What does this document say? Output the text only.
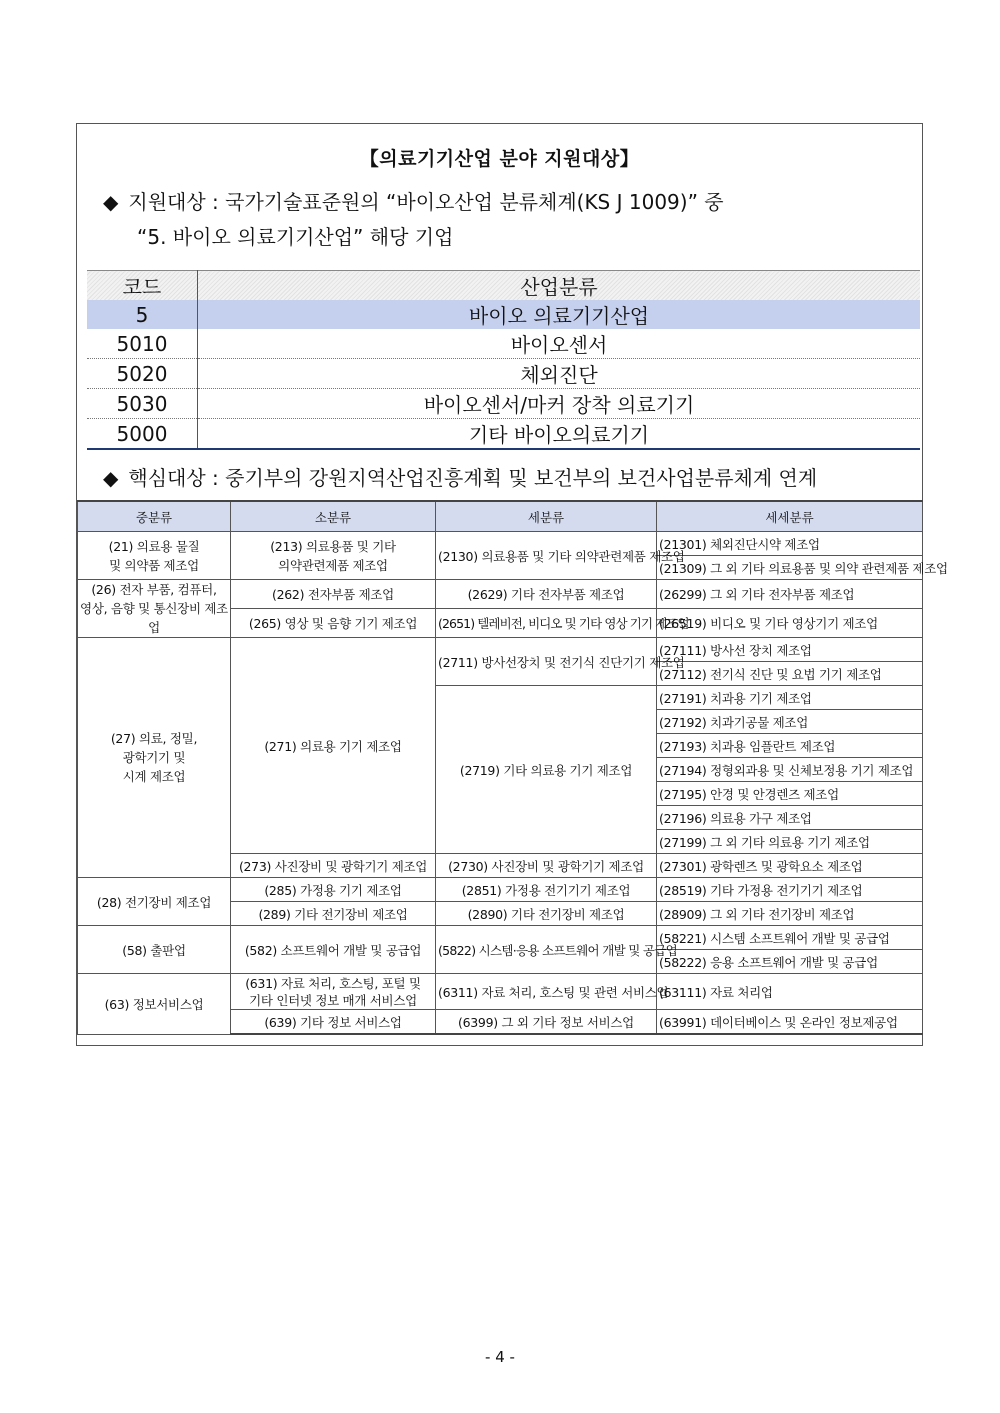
【의료기기산업 분야 지원대상】
◆ 지원대상 : 국가기술표준원의 “바이오산업 분류체계(KS J 1009)” 중
“5. 바이오 의료기기산업” 해당 기업
코드	산업분류
5	바이오 의료기기산업
5010	바이오센서
5020	체외진단
5030	바이오센서/마커 장착 의료기기
5000	기타 바이오의료기기
◆ 핵심대상 : 중기부의 강원지역산업진흥계획 및 보건부의 보건사업분류체계 연계
중분류	소분류	세분류	세세분류
(21) 의료용 물질
및 의약품 제조업	(213) 의료용품 및 기타
의약관련제품 제조업	(2130) 의료용품 및 기타 의약관련제품 제조업	(21301) 체외진단시약 제조업
			(21309) 그 외 기타 의료용품 및 의약 관련제품 제조업
(26) 전자 부품, 컴퓨터,
영상, 음향 및 통신장비 제조업	(262) 전자부품 제조업	(2629) 기타 전자부품 제조업	(26299) 그 외 기타 전자부품 제조업
	(265) 영상 및 음향 기기 제조업	(2651) 텔레비전, 비디오 및 기타 영상 기기 제조업	(26519) 비디오 및 기타 영상기기 제조업
(27) 의료, 정밀,
광학기기 및
시계 제조업	(271) 의료용 기기 제조업	(2711) 방사선장치 및 전기식 진단기기 제조업	(27111) 방사선 장치 제조업
			(27112) 전기식 진단 및 요법 기기 제조업
		(2719) 기타 의료용 기기 제조업	(27191) 치과용 기기 제조업
			(27192) 치과기공물 제조업
			(27193) 치과용 임플란트 제조업
			(27194) 정형외과용 및 신체보정용 기기 제조업
			(27195) 안경 및 안경렌즈 제조업
			(27196) 의료용 가구 제조업
			(27199) 그 외 기타 의료용 기기 제조업
	(273) 사진장비 및 광학기기 제조업	(2730) 사진장비 및 광학기기 제조업	(27301) 광학렌즈 및 광학요소 제조업
(28) 전기장비 제조업	(285) 가정용 기기 제조업	(2851) 가정용 전기기기 제조업	(28519) 기타 가정용 전기기기 제조업
	(289) 기타 전기장비 제조업	(2890) 기타 전기장비 제조업	(28909) 그 외 기타 전기장비 제조업
(58) 출판업	(582) 소프트웨어 개발 및 공급업	(5822) 시스템·응용 소프트웨어 개발 및 공급업	(58221) 시스템 소프트웨어 개발 및 공급업
			(58222) 응용 소프트웨어 개발 및 공급업
(63) 정보서비스업	(631) 자료 처리, 호스팅, 포털 및
기타 인터넷 정보 매개 서비스업	(6311) 자료 처리, 호스팅 및 관련 서비스업	(63111) 자료 처리업
	(639) 기타 정보 서비스업	(6399) 그 외 기타 정보 서비스업	(63991) 데이터베이스 및 온라인 정보제공업
- 4 -
